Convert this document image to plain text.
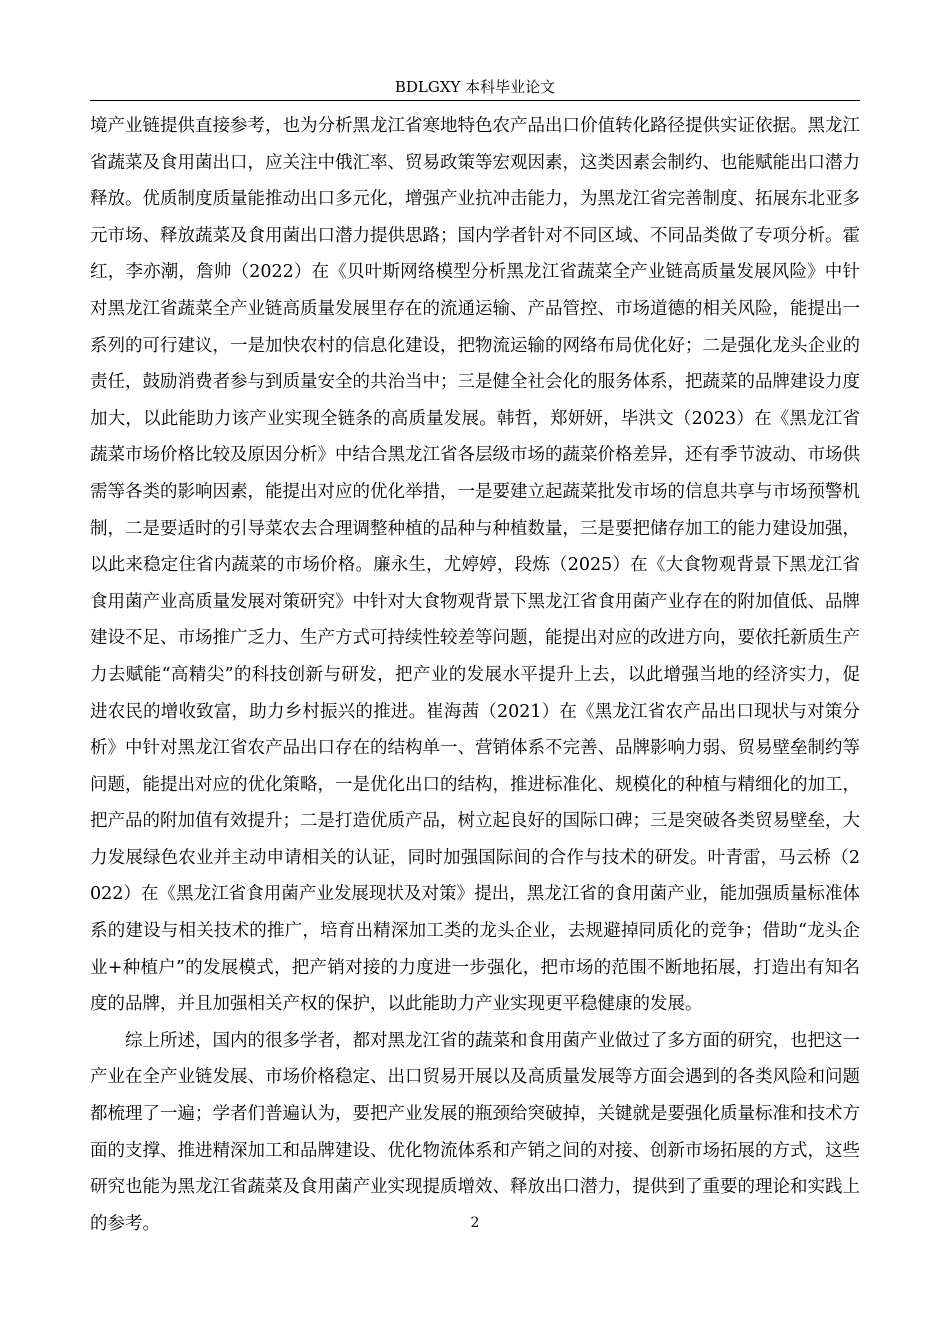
BDLGXY 本科毕业论文

境产业链提供直接参考，也为分析黑龙江省寒地特色农产品出口价值转化路径提供实证依据。黑龙江省蔬菜及食用菌出口，应关注中俄汇率、贸易政策等宏观因素，这类因素会制约、也能赋能出口潜力释放。优质制度质量能推动出口多元化，增强产业抗冲击能力，为黑龙江省完善制度、拓展东北亚多元市场、释放蔬菜及食用菌出口潜力提供思路；国内学者针对不同区域、不同品类做了专项分析。霍红，李亦潮，詹帅（2022）在《贝叶斯网络模型分析黑龙江省蔬菜全产业链高质量发展风险》中针对黑龙江省蔬菜全产业链高质量发展里存在的流通运输、产品管控、市场道德的相关风险，能提出一系列的可行建议，一是加快农村的信息化建设，把物流运输的网络布局优化好；二是强化龙头企业的责任，鼓励消费者参与到质量安全的共治当中；三是健全社会化的服务体系，把蔬菜的品牌建设力度加大，以此能助力该产业实现全链条的高质量发展。韩哲，郑妍妍，毕洪文（2023）在《黑龙江省蔬菜市场价格比较及原因分析》中结合黑龙江省各层级市场的蔬菜价格差异，还有季节波动、市场供需等各类的影响因素，能提出对应的优化举措，一是要建立起蔬菜批发市场的信息共享与市场预警机制，二是要适时的引导菜农去合理调整种植的品种与种植数量，三是要把储存加工的能力建设加强，以此来稳定住省内蔬菜的市场价格。廉永生，尤婷婷，段炼（2025）在《大食物观背景下黑龙江省食用菌产业高质量发展对策研究》中针对大食物观背景下黑龙江省食用菌产业存在的附加值低、品牌建设不足、市场推广乏力、生产方式可持续性较差等问题，能提出对应的改进方向，要依托新质生产力去赋能“高精尖”的科技创新与研发，把产业的发展水平提升上去，以此增强当地的经济实力，促进农民的增收致富，助力乡村振兴的推进。崔海茜（2021）在《黑龙江省农产品出口现状与对策分析》中针对黑龙江省农产品出口存在的结构单一、营销体系不完善、品牌影响力弱、贸易壁垒制约等问题，能提出对应的优化策略，一是优化出口的结构，推进标准化、规模化的种植与精细化的加工，把产品的附加值有效提升；二是打造优质产品，树立起良好的国际口碑；三是突破各类贸易壁垒，大力发展绿色农业并主动申请相关的认证，同时加强国际间的合作与技术的研发。叶青雷，马云桥（2022）在《黑龙江省食用菌产业发展现状及对策》提出，黑龙江省的食用菌产业，能加强质量标准体系的建设与相关技术的推广，培育出精深加工类的龙头企业，去规避掉同质化的竞争；借助“龙头企业+种植户”的发展模式，把产销对接的力度进一步强化，把市场的范围不断地拓展，打造出有知名度的品牌，并且加强相关产权的保护，以此能助力产业实现更平稳健康的发展。

综上所述，国内的很多学者，都对黑龙江省的蔬菜和食用菌产业做过了多方面的研究，也把这一产业在全产业链发展、市场价格稳定、出口贸易开展以及高质量发展等方面会遇到的各类风险和问题都梳理了一遍；学者们普遍认为，要把产业发展的瓶颈给突破掉，关键就是要强化质量标准和技术方面的支撑、推进精深加工和品牌建设、优化物流体系和产销之间的对接、创新市场拓展的方式，这些研究也能为黑龙江省蔬菜及食用菌产业实现提质增效、释放出口潜力，提供到了重要的理论和实践上的参考。	2
